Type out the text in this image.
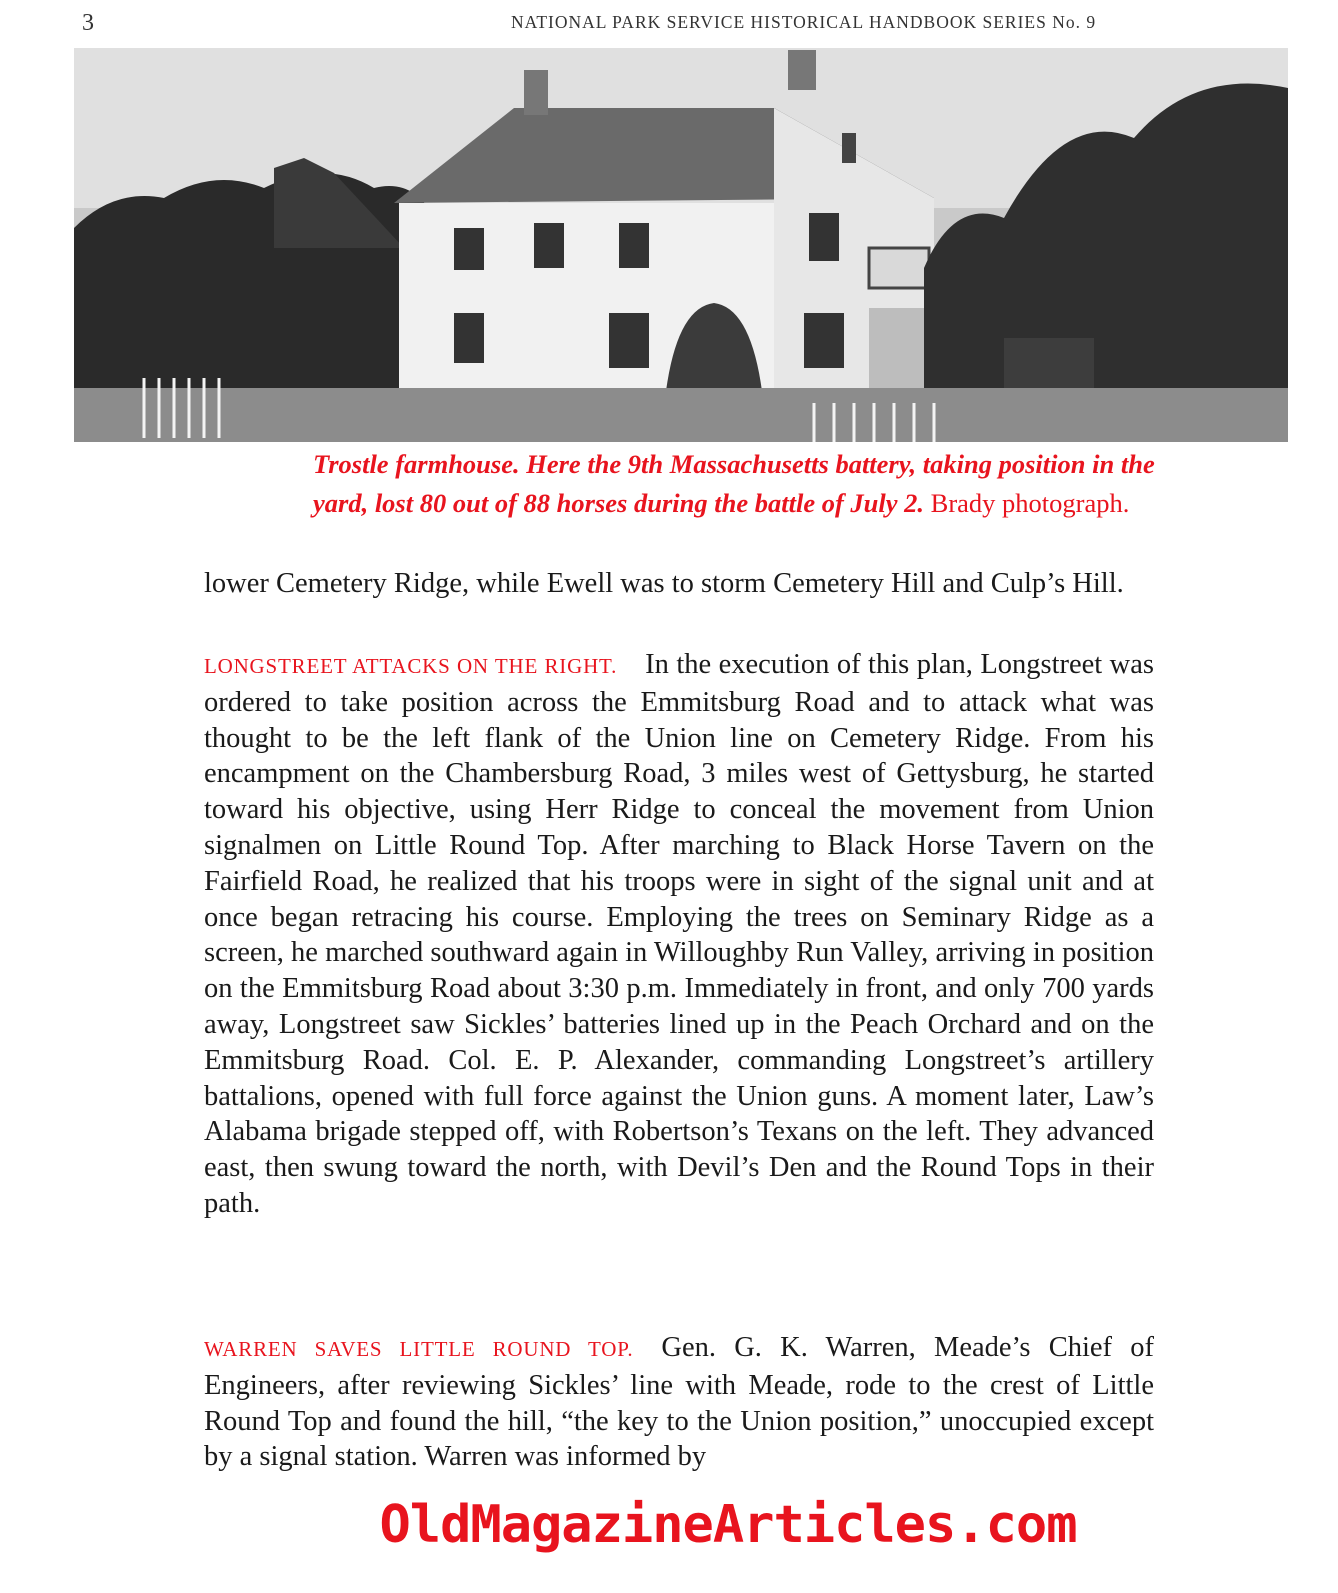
3	NATIONAL PARK SERVICE HISTORICAL HANDBOOK SERIES No. 9
Trostle farmhouse. Here the 9th Massachusetts battery, taking position in the yard, lost 80 out of 88 horses during the battle of July 2. Brady photograph.
lower Cemetery Ridge, while Ewell was to storm Cemetery Hill and Culp’s Hill.
LONGSTREET ATTACKS ON THE RIGHT. In the execution of this plan, Longstreet was ordered to take position across the Emmitsburg Road and to attack what was thought to be the left flank of the Union line on Cemetery Ridge. From his encampment on the Chambersburg Road, 3 miles west of Gettysburg, he started toward his objective, using Herr Ridge to conceal the movement from Union signalmen on Little Round Top. After marching to Black Horse Tavern on the Fairfield Road, he realized that his troops were in sight of the signal unit and at once began retracing his course. Employing the trees on Seminary Ridge as a screen, he marched southward again in Willoughby Run Valley, arriving in position on the Emmitsburg Road about 3:30 p.m. Immediately in front, and only 700 yards away, Longstreet saw Sickles’ batteries lined up in the Peach Orchard and on the Emmitsburg Road. Col. E. P. Alexander, commanding Longstreet’s artillery battalions, opened with full force against the Union guns. A moment later, Law’s Alabama brigade stepped off, with Robertson’s Texans on the left. They advanced east, then swung toward the north, with Devil’s Den and the Round Tops in their path.
WARREN SAVES LITTLE ROUND TOP. Gen. G. K. Warren, Meade’s Chief of Engineers, after reviewing Sickles’ line with Meade, rode to the crest of Little Round Top and found the hill, “the key to the Union position,” unoccupied except by a signal station. Warren was informed by
OldMagazineArticles.com
